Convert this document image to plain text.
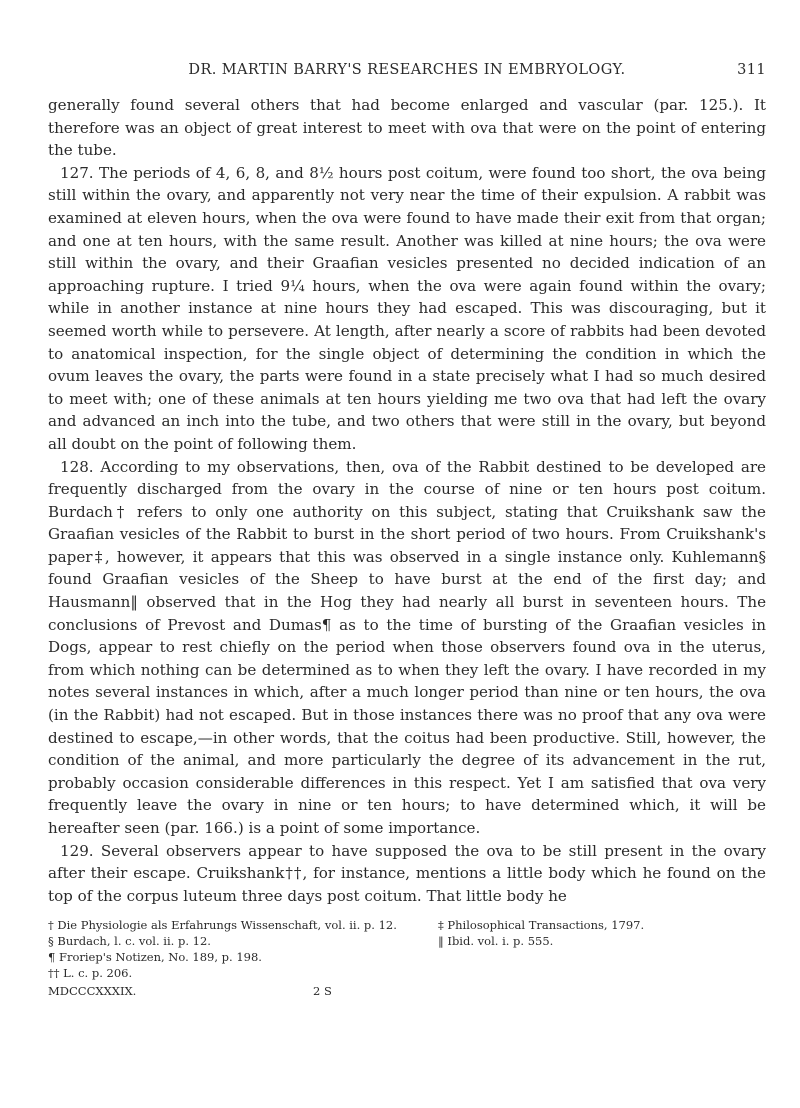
DR. MARTIN BARRY'S RESEARCHES IN EMBRYOLOGY.	311

generally found several others that had become enlarged and vascular (par. 125.). It therefore was an object of great interest to meet with ova that were on the point of entering the tube.

127. The periods of 4, 6, 8, and 8½ hours post coitum, were found too short, the ova being still within the ovary, and apparently not very near the time of their expulsion. A rabbit was examined at eleven hours, when the ova were found to have made their exit from that organ; and one at ten hours, with the same result. Another was killed at nine hours; the ova were still within the ovary, and their Graafian vesicles presented no decided indication of an approaching rupture. I tried 9¼ hours, when the ova were again found within the ovary; while in another instance at nine hours they had escaped. This was discouraging, but it seemed worth while to persevere. At length, after nearly a score of rabbits had been devoted to anatomical inspection, for the single object of determining the condition in which the ovum leaves the ovary, the parts were found in a state precisely what I had so much desired to meet with; one of these animals at ten hours yielding me two ova that had left the ovary and advanced an inch into the tube, and two others that were still in the ovary, but beyond all doubt on the point of following them.

128. According to my observations, then, ova of the Rabbit destined to be developed are frequently discharged from the ovary in the course of nine or ten hours post coitum. Burdach† refers to only one authority on this subject, stating that Cruikshank saw the Graafian vesicles of the Rabbit to burst in the short period of two hours. From Cruikshank's paper‡, however, it appears that this was observed in a single instance only. Kuhlemann§ found Graafian vesicles of the Sheep to have burst at the end of the first day; and Hausmann‖ observed that in the Hog they had nearly all burst in seventeen hours. The conclusions of Prevost and Dumas¶ as to the time of bursting of the Graafian vesicles in Dogs, appear to rest chiefly on the period when those observers found ova in the uterus, from which nothing can be determined as to when they left the ovary. I have recorded in my notes several instances in which, after a much longer period than nine or ten hours, the ova (in the Rabbit) had not escaped. But in those instances there was no proof that any ova were destined to escape,—in other words, that the coitus had been productive. Still, however, the condition of the animal, and more particularly the degree of its advancement in the rut, probably occasion considerable differences in this respect. Yet I am satisfied that ova very frequently leave the ovary in nine or ten hours; to have determined which, it will be hereafter seen (par. 166.) is a point of some importance.

129. Several observers appear to have supposed the ova to be still present in the ovary after their escape. Cruikshank††, for instance, mentions a little body which he found on the top of the corpus luteum three days post coitum. That little body he

† Die Physiologie als Erfahrungs Wissenschaft, vol. ii. p. 12.	‡ Philosophical Transactions, 1797.
§ Burdach, l. c. vol. ii. p. 12.	‖ Ibid. vol. i. p. 555.
¶ Froriep's Notizen, No. 189, p. 198.
†† L. c. p. 206.
MDCCCXXXIX.	2 S
